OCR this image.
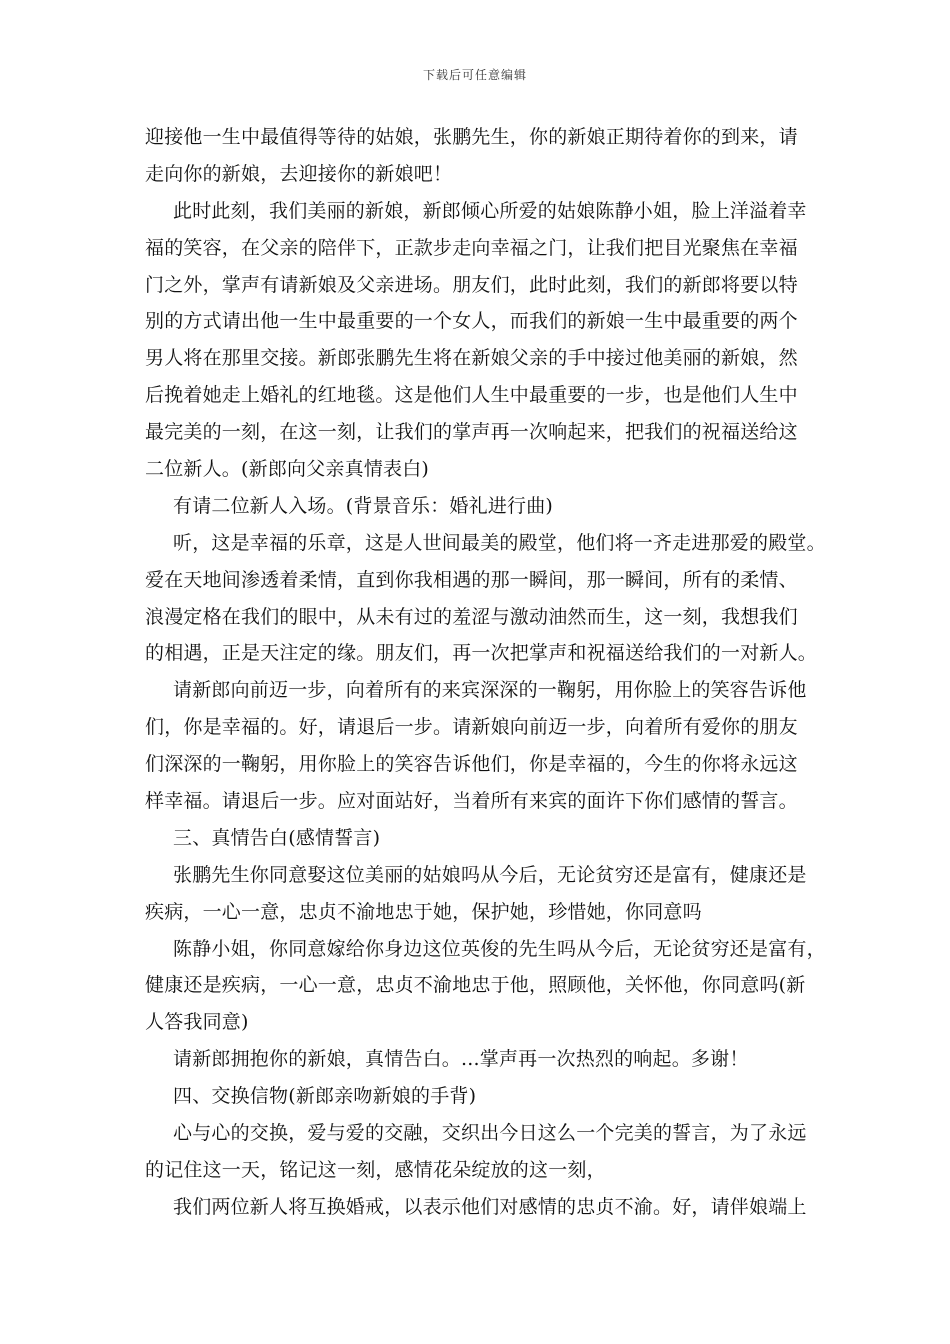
下载后可任意编辑
迎接他一生中最值得等待的姑娘，张鹏先生，你的新娘正期待着你的到来，请
走向你的新娘，去迎接你的新娘吧！
此时此刻，我们美丽的新娘，新郎倾心所爱的姑娘陈静小姐，脸上洋溢着幸
福的笑容，在父亲的陪伴下，正款步走向幸福之门，让我们把目光聚焦在幸福
门之外，掌声有请新娘及父亲进场。朋友们，此时此刻，我们的新郎将要以特
别的方式请出他一生中最重要的一个女人，而我们的新娘一生中最重要的两个
男人将在那里交接。新郎张鹏先生将在新娘父亲的手中接过他美丽的新娘，然
后挽着她走上婚礼的红地毯。这是他们人生中最重要的一步，也是他们人生中
最完美的一刻，在这一刻，让我们的掌声再一次响起来，把我们的祝福送给这
二位新人。(新郎向父亲真情表白)
有请二位新人入场。(背景音乐：婚礼进行曲)
听，这是幸福的乐章，这是人世间最美的殿堂，他们将一齐走进那爱的殿堂。
爱在天地间渗透着柔情，直到你我相遇的那一瞬间，那一瞬间，所有的柔情、
浪漫定格在我们的眼中，从未有过的羞涩与激动油然而生，这一刻，我想我们
的相遇，正是天注定的缘。朋友们，再一次把掌声和祝福送给我们的一对新人。
请新郎向前迈一步，向着所有的来宾深深的一鞠躬，用你脸上的笑容告诉他
们，你是幸福的。好，请退后一步。请新娘向前迈一步，向着所有爱你的朋友
们深深的一鞠躬，用你脸上的笑容告诉他们，你是幸福的，今生的你将永远这
样幸福。请退后一步。应对面站好，当着所有来宾的面许下你们感情的誓言。
三、真情告白(感情誓言)
张鹏先生你同意娶这位美丽的姑娘吗从今后，无论贫穷还是富有，健康还是
疾病，一心一意，忠贞不渝地忠于她，保护她，珍惜她，你同意吗
陈静小姐，你同意嫁给你身边这位英俊的先生吗从今后，无论贫穷还是富有，
健康还是疾病，一心一意，忠贞不渝地忠于他，照顾他，关怀他，你同意吗(新
人答我同意)
请新郎拥抱你的新娘，真情告白。...掌声再一次热烈的响起。多谢！
四、交换信物(新郎亲吻新娘的手背)
心与心的交换，爱与爱的交融，交织出今日这么一个完美的誓言，为了永远
的记住这一天，铭记这一刻，感情花朵绽放的这一刻，
我们两位新人将互换婚戒，以表示他们对感情的忠贞不渝。好，请伴娘端上
